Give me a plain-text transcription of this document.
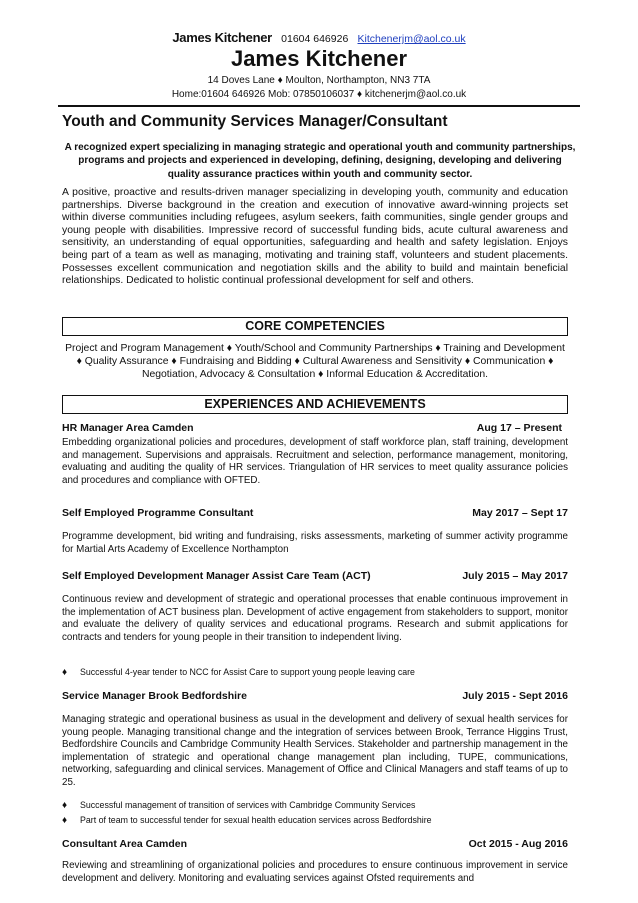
James Kitchener 01604 646926 Kitchenerjm@aol.co.uk
James Kitchener
14 Doves Lane ♦ Moulton, Northampton, NN3 7TA
Home:01604 646926 Mob: 07850106037 ♦ kitchenerjm@aol.co.uk
Youth and Community Services Manager/Consultant
A recognized expert specializing in managing strategic and operational youth and community partnerships, programs and projects and experienced in developing, defining, designing, developing and delivering quality assurance practices within youth and community sector.
A positive, proactive and results-driven manager specializing in developing youth, community and education partnerships. Diverse background in the creation and execution of innovative award-winning projects set within diverse communities including refugees, asylum seekers, faith communities, single gender groups and young people with disabilities. Impressive record of successful funding bids, acute cultural awareness and sensitivity, an understanding of equal opportunities, safeguarding and health and safety legislation. Enjoys being part of a team as well as managing, motivating and training staff, volunteers and student placements. Possesses excellent communication and negotiation skills and the ability to build and maintain beneficial relationships. Dedicated to holistic continual professional development for self and others.
CORE COMPETENCIES
Project and Program Management ♦ Youth/School and Community Partnerships ♦ Training and Development ♦ Quality Assurance ♦ Fundraising and Bidding ♦ Cultural Awareness and Sensitivity ♦ Communication ♦ Negotiation, Advocacy & Consultation ♦ Informal Education & Accreditation.
EXPERIENCES AND ACHIEVEMENTS
HR Manager Area Camden	Aug 17 – Present
Embedding organizational policies and procedures, development of staff workforce plan, staff training, development and management. Supervisions and appraisals. Recruitment and selection, performance management, monitoring, evaluating and auditing the quality of HR services. Triangulation of HR services to meet quality assurance policies and procedures and compliance with OFTED.
Self Employed Programme Consultant	May 2017 – Sept 17
Programme development, bid writing and fundraising, risks assessments, marketing of summer activity programme for Martial Arts Academy of Excellence Northampton
Self Employed Development Manager Assist Care Team (ACT)	July 2015 – May 2017
Continuous review and development of strategic and operational processes that enable continuous improvement in the implementation of ACT business plan. Development of active engagement from stakeholders to support, monitor and evaluate the delivery of quality services and educational programs. Research and submit applications for contracts and tenders for young people in their transition to independent living.
♦ Successful 4-year tender to NCC for Assist Care to support young people leaving care
Service Manager Brook Bedfordshire	July 2015 - Sept 2016
Managing strategic and operational business as usual in the development and delivery of sexual health services for young people. Managing transitional change and the integration of services between Brook, Terrance Higgins Trust, Bedfordshire Councils and Cambridge Community Health Services. Stakeholder and partnership management in the implementation of strategic and operational change management plan including, TUPE, communications, networking, safeguarding and clinical services. Management of Office and Clinical Managers and staff teams of up to 25.
♦ Successful management of transition of services with Cambridge Community Services
♦ Part of team to successful tender for sexual health education services across Bedfordshire
Consultant Area Camden	Oct 2015 - Aug 2016
Reviewing and streamlining of organizational policies and procedures to ensure continuous improvement in service development and delivery. Monitoring and evaluating services against Ofsted requirements and
